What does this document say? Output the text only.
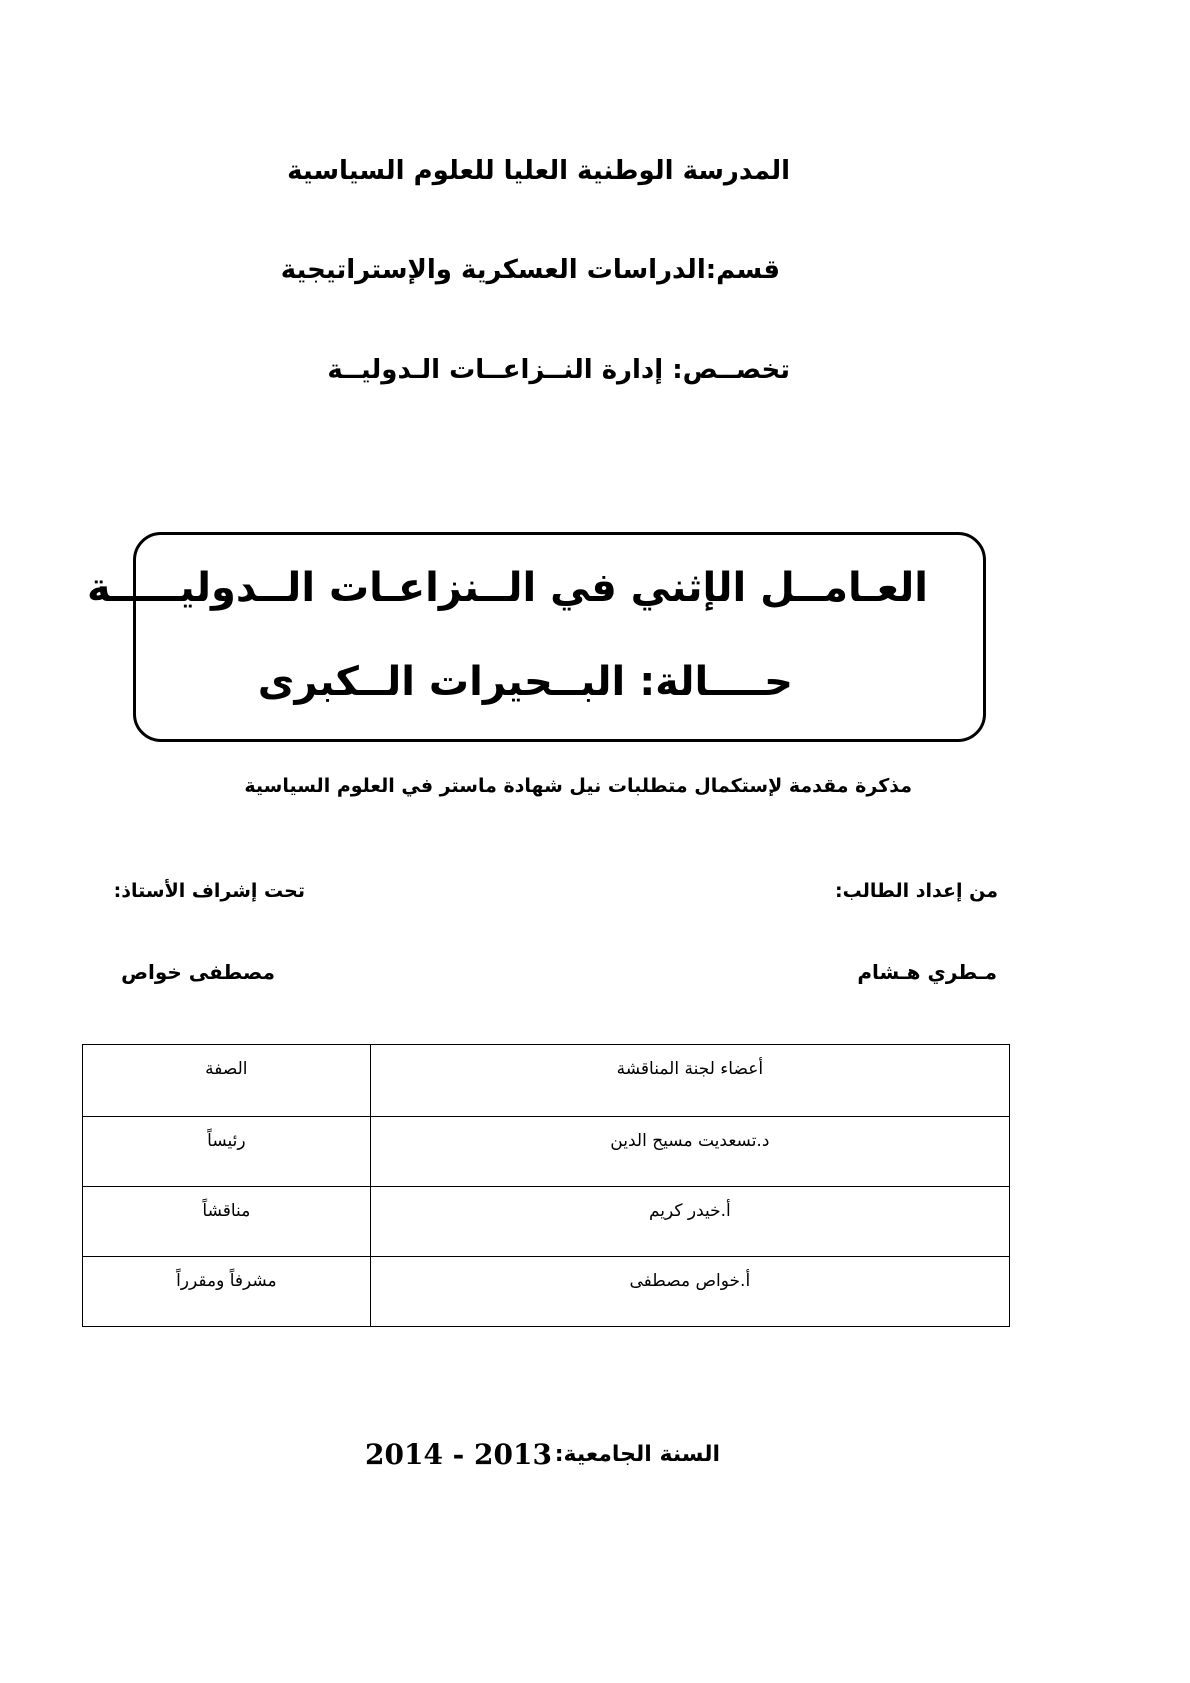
المدرسة الوطنية العليا للعلوم السياسية
قسم:الدراسات العسكرية والإستراتيجية
تخصــص: إدارة النــزاعــات الـدوليــة
العـامــل الإثني في الــنزاعـات الــدوليـــــة
حــــالة: البــحيرات الــكبرى
مذكرة مقدمة لإستكمال متطلبات نيل شهادة ماستر في العلوم السياسية
من إعداد الطالب:
تحت إشراف الأستاذ:
مـطري هـشام
مصطفى خواص
أعضاء لجنة المناقشة	الصفة
د.تسعديت مسيح الدين	رئيساً
أ.خيدر كريم	مناقشاً
أ.خواص مصطفى	مشرفاً ومقرراً
السنة الجامعية:
2014 - 2013
